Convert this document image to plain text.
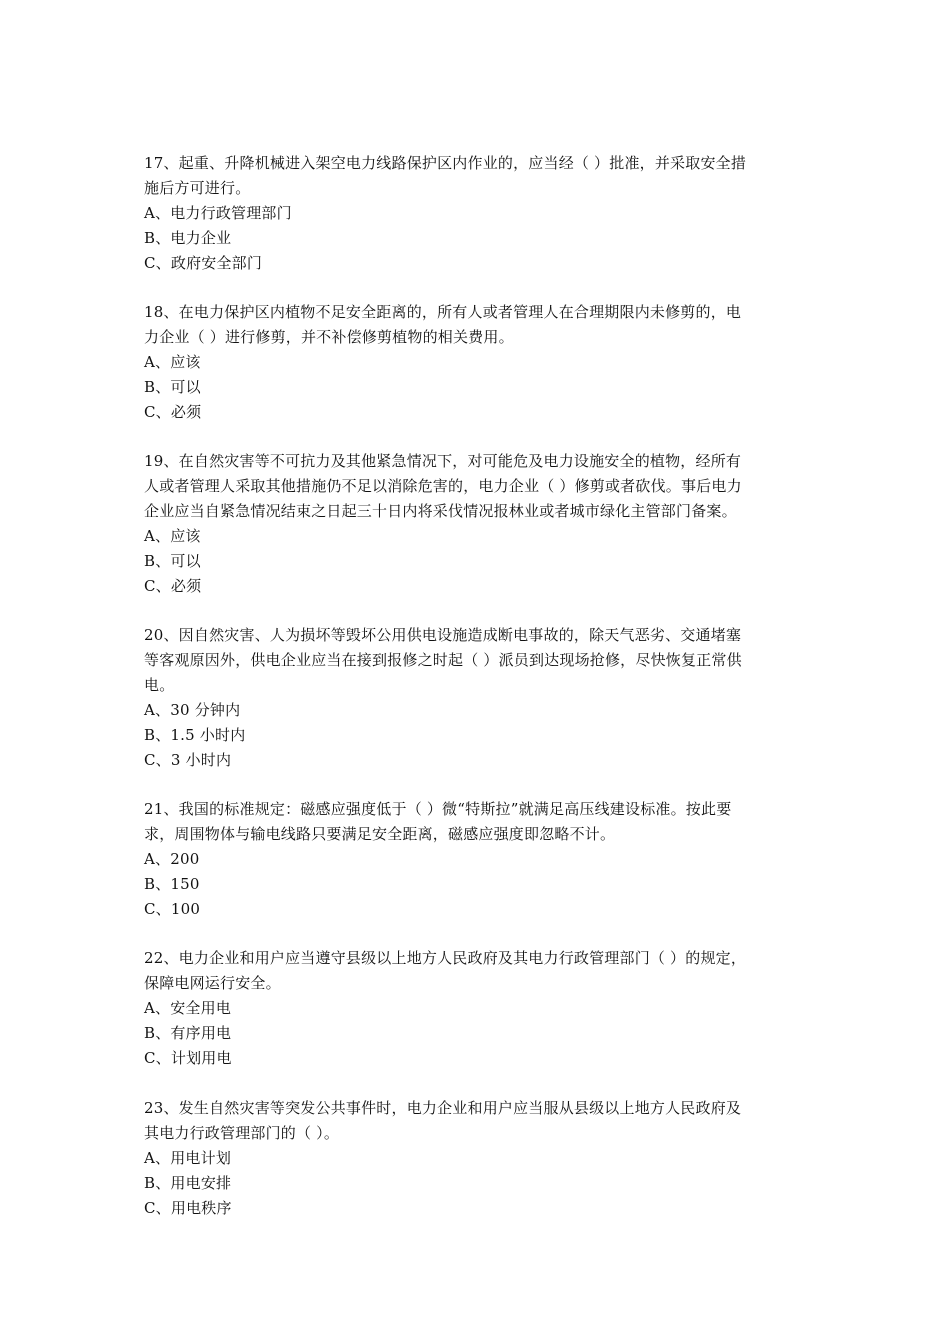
17、起重、升降机械进入架空电力线路保护区内作业的，应当经（ ）批准，并采取安全措
施后方可进行。
A、电力行政管理部门
B、电力企业
C、政府安全部门
18、在电力保护区内植物不足安全距离的，所有人或者管理人在合理期限内未修剪的，电
力企业（ ）进行修剪，并不补偿修剪植物的相关费用。
A、应该
B、可以
C、必须
19、在自然灾害等不可抗力及其他紧急情况下，对可能危及电力设施安全的植物，经所有
人或者管理人采取其他措施仍不足以消除危害的，电力企业（ ）修剪或者砍伐。事后电力
企业应当自紧急情况结束之日起三十日内将采伐情况报林业或者城市绿化主管部门备案。
A、应该
B、可以
C、必须
20、因自然灾害、人为损坏等毁坏公用供电设施造成断电事故的，除天气恶劣、交通堵塞
等客观原因外，供电企业应当在接到报修之时起（ ）派员到达现场抢修，尽快恢复正常供
电。
A、30 分钟内
B、1.5 小时内
C、3 小时内
21、我国的标准规定：磁感应强度低于（ ）微“特斯拉”就满足高压线建设标准。按此要
求，周围物体与输电线路只要满足安全距离，磁感应强度即忽略不计。
A、200
B、150
C、100
22、电力企业和用户应当遵守县级以上地方人民政府及其电力行政管理部门（ ）的规定，
保障电网运行安全。
A、安全用电
B、有序用电
C、计划用电
23、发生自然灾害等突发公共事件时，电力企业和用户应当服从县级以上地方人民政府及
其电力行政管理部门的（ ）。
A、用电计划
B、用电安排
C、用电秩序
